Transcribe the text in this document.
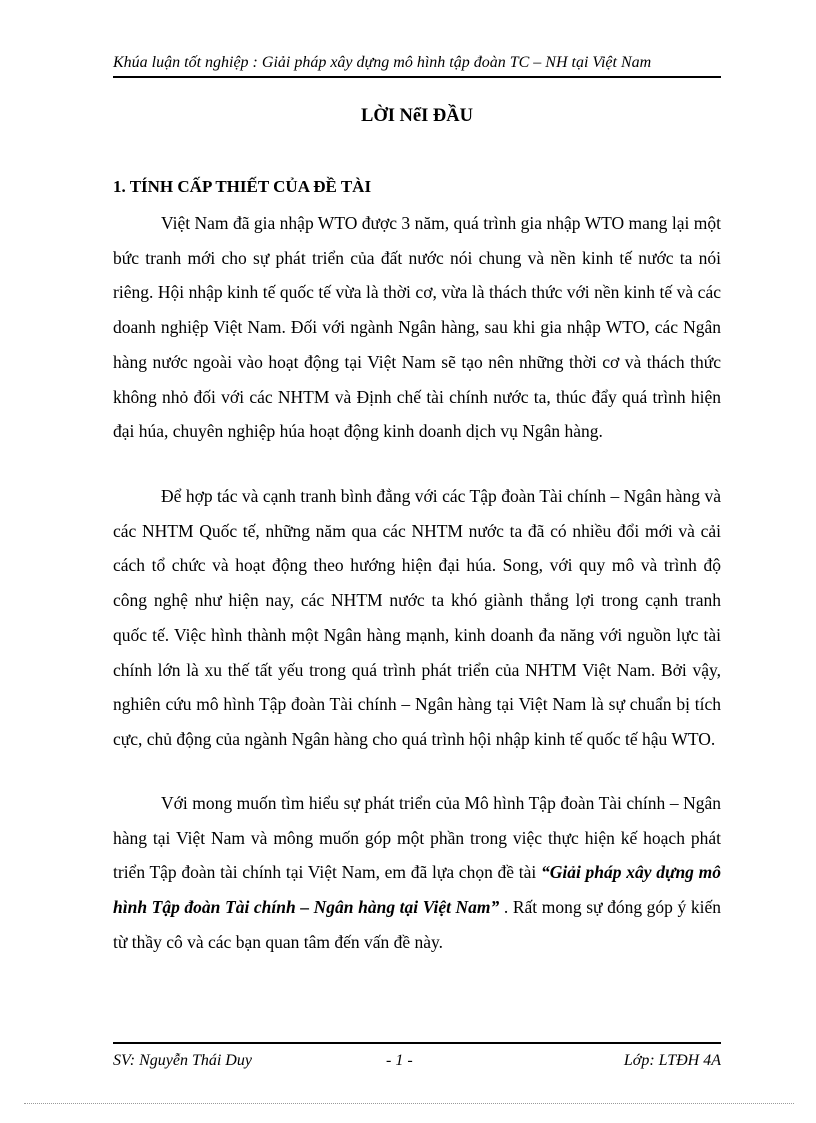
Khúa luận tốt nghiệp : Giải pháp xây dựng mô hình tập đoàn TC – NH tại Việt Nam
LỜI NểI ĐẦU
1. TÍNH CẤP THIẾT CỦA ĐỀ TÀI

Việt Nam đã gia nhập WTO được 3 năm, quá trình gia nhập WTO mang lại một bức tranh mới cho sự phát triển của đất nước nói chung và nền kinh tế nước ta nói riêng. Hội nhập kinh tế quốc tế vừa là thời cơ, vừa là thách thức với nền kinh tế và các doanh nghiệp Việt Nam. Đối với ngành Ngân hàng, sau khi gia nhập WTO, các Ngân hàng nước ngoài vào hoạt động tại Việt Nam sẽ tạo nên những thời cơ và thách thức không nhỏ đối với các NHTM và Định chế tài chính nước ta, thúc đẩy quá trình hiện đại húa, chuyên nghiệp húa hoạt động kinh doanh dịch vụ Ngân hàng.

Để hợp tác và cạnh tranh bình đẳng với các Tập đoàn Tài chính – Ngân hàng và các NHTM Quốc tế, những năm qua các NHTM nước ta đã có nhiều đổi mới và cải cách tổ chức và hoạt động theo hướng hiện đại húa. Song, với quy mô và trình độ công nghệ như hiện nay, các NHTM nước ta khó giành thắng lợi trong cạnh tranh quốc tế. Việc hình thành một Ngân hàng mạnh, kinh doanh đa năng với nguồn lực tài chính lớn là xu thế tất yếu trong quá trình phát triển của NHTM Việt Nam. Bởi vậy, nghiên cứu mô hình Tập đoàn Tài chính – Ngân hàng tại Việt Nam là sự chuẩn bị tích cực, chủ động của ngành Ngân hàng cho quá trình hội nhập kinh tế quốc tế hậu WTO.

Với mong muốn tìm hiểu sự phát triển của Mô hình Tập đoàn Tài chính – Ngân hàng tại Việt Nam và mông muốn góp một phần trong việc thực hiện kế hoạch phát triển Tập đoàn tài chính tại Việt Nam, em đã lựa chọn đề tài “Giải pháp xây dựng mô hình Tập đoàn Tài chính – Ngân hàng tại Việt Nam” . Rất mong sự đóng góp ý kiến từ thầy cô và các bạn quan tâm đến vấn đề này.

SV: Nguyễn Thái Duy	- 1 -	Lớp: LTĐH 4A
